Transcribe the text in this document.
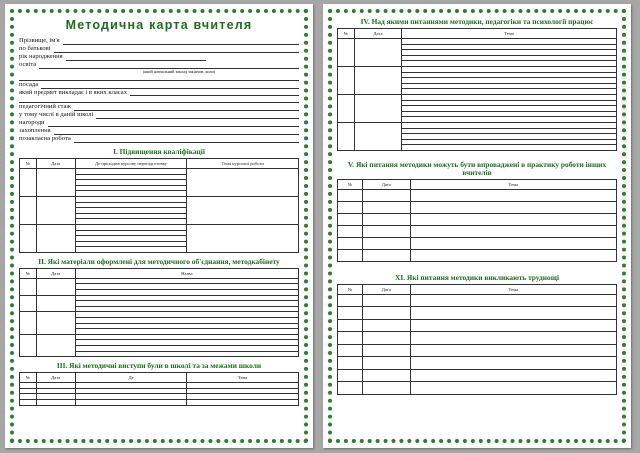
Методична карта вчителя
Прізвище, ім'я
по батькові
рік народження
освіта
(який навчальний заклад закінчив, коли)
посада
який предмет викладає і в яких класах
педагогічний стаж
у тому числі в даній школі
нагороди
захоплення
позакласна робота
І. Підвищення кваліфікації
№	Дата	Де проходив курсову перепідготовку	Тема курсової роботи

ІІ. Які матеріали оформлені для методичного об'єднання, методкабінету
№	Дата	Назва

ІІІ. Які методичні виступи були в школі та за межами школи
№	Дата	Де	Тема

IV. Над якими питаннями методики, педагогіки та психології працює
№	Дата	Тема

V. Які питання методики можуть бути впроваджені в практику роботи інших вчителів
№	Дата	Тема

ХI. Які питання методики викликають труднощі
№	Дата	Тема
